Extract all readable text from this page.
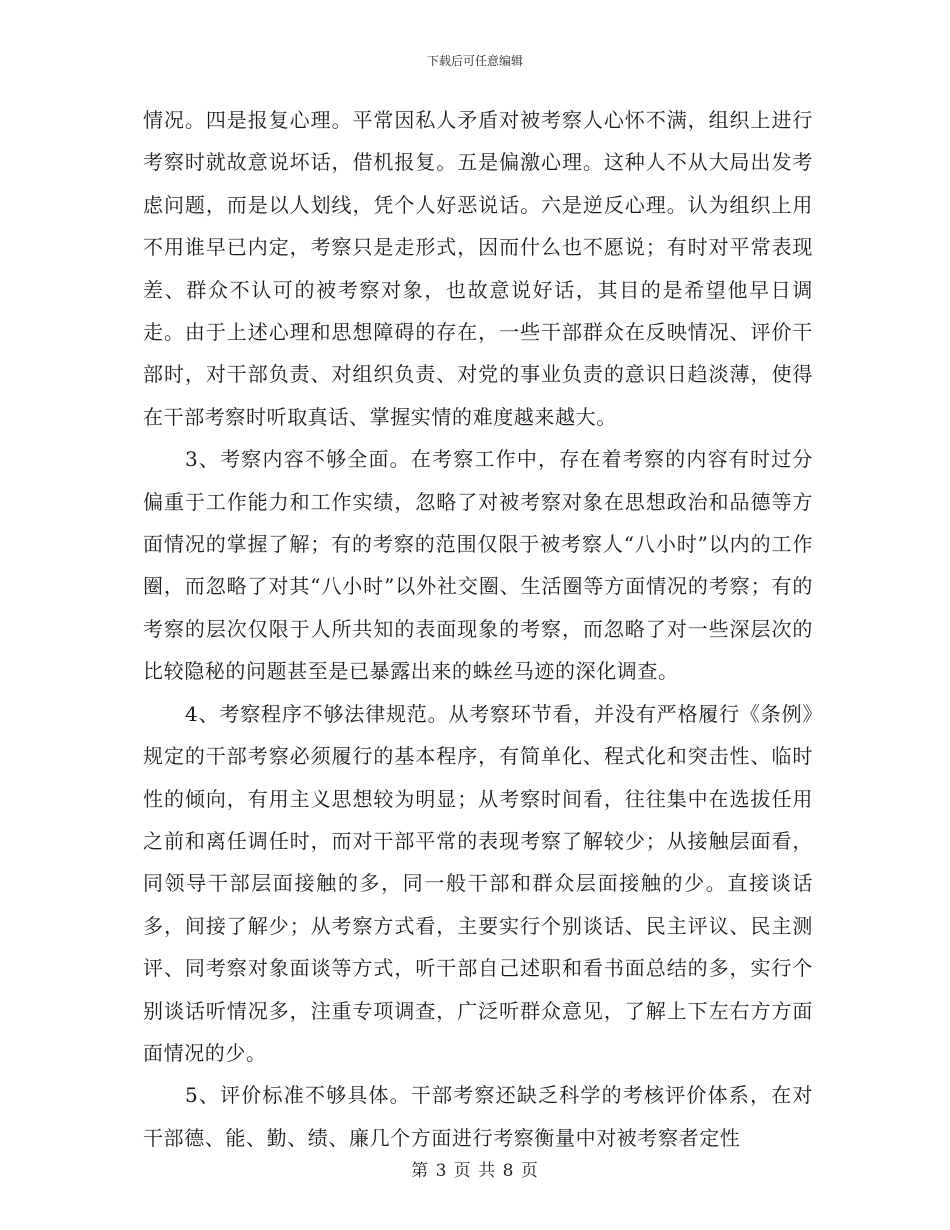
下载后可任意编辑

情况。四是报复心理。平常因私人矛盾对被考察人心怀不满，组织上进行考察时就故意说坏话，借机报复。五是偏激心理。这种人不从大局出发考虑问题，而是以人划线，凭个人好恶说话。六是逆反心理。认为组织上用不用谁早已内定，考察只是走形式，因而什么也不愿说；有时对平常表现差、群众不认可的被考察对象，也故意说好话，其目的是希望他早日调走。由于上述心理和思想障碍的存在，一些干部群众在反映情况、评价干部时，对干部负责、对组织负责、对党的事业负责的意识日趋淡薄，使得在干部考察时听取真话、掌握实情的难度越来越大。

3、考察内容不够全面。在考察工作中，存在着考察的内容有时过分偏重于工作能力和工作实绩，忽略了对被考察对象在思想政治和品德等方面情况的掌握了解；有的考察的范围仅限于被考察人“八小时”以内的工作圈，而忽略了对其“八小时”以外社交圈、生活圈等方面情况的考察；有的考察的层次仅限于人所共知的表面现象的考察，而忽略了对一些深层次的比较隐秘的问题甚至是已暴露出来的蛛丝马迹的深化调查。

4、考察程序不够法律规范。从考察环节看，并没有严格履行《条例》规定的干部考察必须履行的基本程序，有简单化、程式化和突击性、临时性的倾向，有用主义思想较为明显；从考察时间看，往往集中在选拔任用之前和离任调任时，而对干部平常的表现考察了解较少；从接触层面看，同领导干部层面接触的多，同一般干部和群众层面接触的少。直接谈话多，间接了解少；从考察方式看，主要实行个别谈话、民主评议、民主测评、同考察对象面谈等方式，听干部自己述职和看书面总结的多，实行个别谈话听情况多，注重专项调查，广泛听群众意见，了解上下左右方方面面情况的少。

5、评价标准不够具体。干部考察还缺乏科学的考核评价体系，在对干部德、能、勤、绩、廉几个方面进行考察衡量中对被考察者定性

第 3 页 共 8 页
